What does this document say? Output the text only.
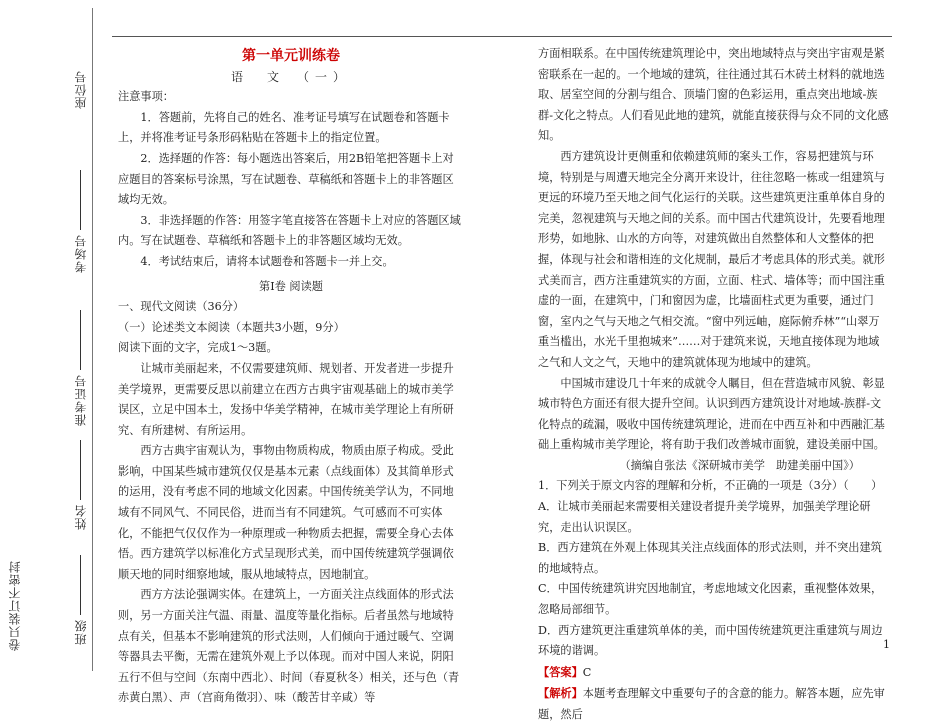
座位号
考场号
准考证号
姓名
班级
卷只装订不密封

第一单元训练卷

语　文　（一）

注意事项：

1．答题前，先将自己的姓名、准考证号填写在试题卷和答题卡上，并将准考证号条形码粘贴在答题卡上的指定位置。

2．选择题的作答：每小题选出答案后，用2B铅笔把答题卡上对应题目的答案标号涂黑，写在试题卷、草稿纸和答题卡上的非答题区域均无效。

3．非选择题的作答：用签字笔直接答在答题卡上对应的答题区域内。写在试题卷、草稿纸和答题卡上的非答题区域均无效。

4．考试结束后，请将本试题卷和答题卡一并上交。

第Ⅰ卷 阅读题

一、现代文阅读（36分）

（一）论述类文本阅读（本题共3小题，9分）

阅读下面的文字，完成1～3题。

让城市美丽起来，不仅需要建筑师、规划者、开发者进一步提升美学境界，更需要反思以前建立在西方古典宇宙观基础上的城市美学误区，立足中国本土，发扬中华美学精神，在城市美学理论上有所研究、有所建树、有所运用。

西方古典宇宙观认为，事物由物质构成，物质由原子构成。受此影响，中国某些城市建筑仅仅是基本元素（点线面体）及其简单形式的运用，没有考虑不同的地域文化因素。中国传统美学认为，不同地域有不同风气、不同民俗，进而当有不同建筑。气可感而不可实体化，不能把气仅仅作为一种原理或一种物质去把握，需要全身心去体悟。西方建筑学以标准化方式呈现形式美，而中国传统建筑学强调依顺天地的同时细察地域，服从地域特点，因地制宜。

西方方法论强调实体。在建筑上，一方面关注点线面体的形式法则，另一方面关注气温、雨量、温度等量化指标。后者虽然与地域特点有关，但基本不影响建筑的形式法则，人们倾向于通过暖气、空调等器具去平衡，无需在建筑外观上予以体现。而对中国人来说，阴阳五行不但与空间（东南中西北）、时间（春夏秋冬）相关，还与色（青赤黄白黑）、声（宫商角徵羽）、味（酸苦甘辛咸）等

方面相联系。在中国传统建筑理论中，突出地域特点与突出宇宙观是紧密联系在一起的。一个地域的建筑，往往通过其石木砖土材料的就地选取、居室空间的分割与组合、顶墙门窗的色彩运用，重点突出地域-族群-文化之特点。人们看见此地的建筑，就能直接获得与众不同的文化感知。

西方建筑设计更侧重和依赖建筑师的案头工作，容易把建筑与环境，特别是与周遭天地完全分离开来设计，往往忽略一栋或一组建筑与更远的环境乃至天地之间气化运行的关联。这些建筑更注重单体自身的完美，忽视建筑与天地之间的关系。而中国古代建筑设计，先要看地理形势，如地脉、山水的方向等，对建筑做出自然整体和人文整体的把握，体现与社会和谐相连的文化规制，最后才考虑具体的形式美。就形式美而言，西方注重建筑实的方面，立面、柱式、墙体等；而中国注重虚的一面，在建筑中，门和窗因为虚，比墙面柱式更为重要，通过门窗，室内之气与天地之气相交流。“窗中列远岫，庭际俯乔林”“山翠万重当槛出，水光千里抱城来”……对于建筑来说，天地直接体现为地域之气和人文之气，天地中的建筑就体现为地域中的建筑。

中国城市建设几十年来的成就令人瞩目，但在营造城市风貌、彰显城市特色方面还有很大提升空间。认识到西方建筑设计对地域-族群-文化特点的疏漏，吸收中国传统建筑理论，进而在中西互补和中西融汇基础上重构城市美学理论，将有助于我们改善城市面貌，建设美丽中国。

（摘编自张法《深研城市美学　助建美丽中国》）

1．下列关于原文内容的理解和分析，不正确的一项是（3分）（　　）

A．让城市美丽起来需要相关建设者提升美学境界，加强美学理论研究，走出认识误区。

B．西方建筑在外观上体现其关注点线面体的形式法则，并不突出建筑的地域特点。

C．中国传统建筑讲究因地制宜，考虑地域文化因素，重视整体效果，忽略局部细节。

D．西方建筑更注重建筑单体的美，而中国传统建筑更注重建筑与周边环境的谐调。

【答案】C

【解析】本题考查理解文中重要句子的含意的能力。解答本题，应先审题，然后

1
